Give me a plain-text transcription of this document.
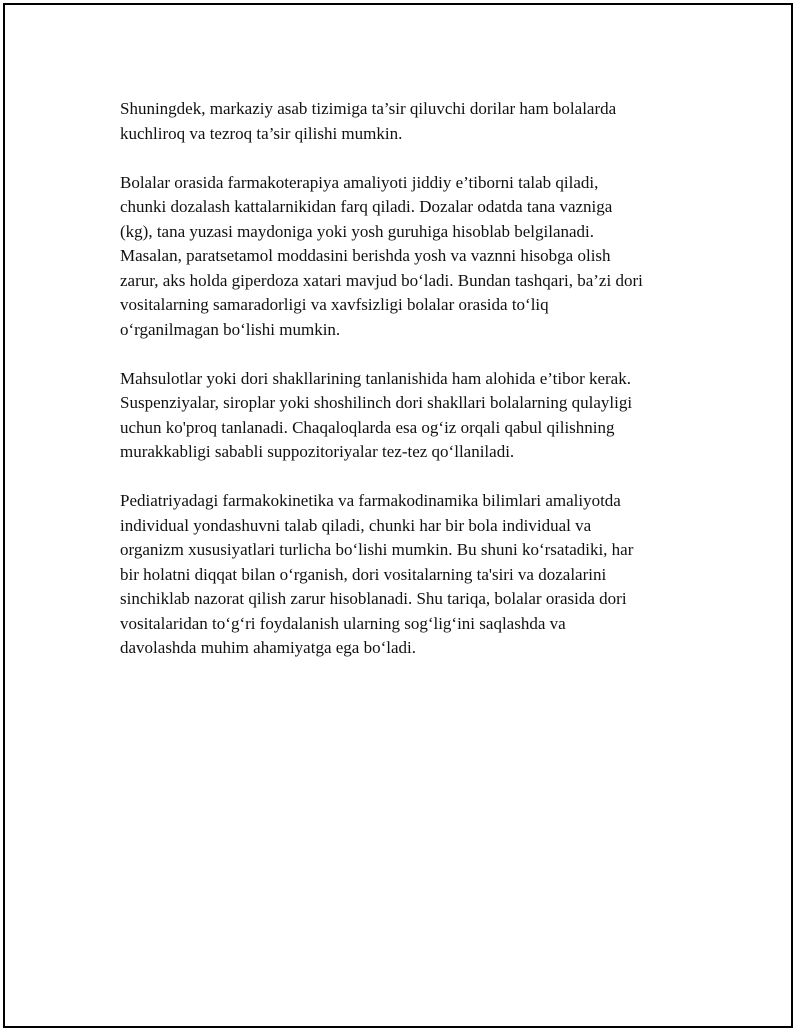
Shuningdek, markaziy asab tizimiga ta’sir qiluvchi dorilar ham bolalarda
kuchliroq va tezroq ta’sir qilishi mumkin.

Bolalar orasida farmakoterapiya amaliyoti jiddiy e’tiborni talab qiladi,
chunki dozalash kattalarnikidan farq qiladi. Dozalar odatda tana vazniga
(kg), tana yuzasi maydoniga yoki yosh guruhiga hisoblab belgilanadi.
Masalan, paratsetamol moddasini berishda yosh va vaznni hisobga olish
zarur, aks holda giperdoza xatari mavjud bo‘ladi. Bundan tashqari, ba’zi dori
vositalarning samaradorligi va xavfsizligi bolalar orasida to‘liq
o‘rganilmagan bo‘lishi mumkin.

Mahsulotlar yoki dori shakllarining tanlanishida ham alohida e’tibor kerak.
Suspenziyalar, siroplar yoki shoshilinch dori shakllari bolalarning qulayligi
uchun ko'proq tanlanadi. Chaqaloqlarda esa og‘iz orqali qabul qilishning
murakkabligi sababli suppozitoriyalar tez-tez qo‘llaniladi.

Pediatriyadagi farmakokinetika va farmakodinamika bilimlari amaliyotda
individual yondashuvni talab qiladi, chunki har bir bola individual va
organizm xususiyatlari turlicha bo‘lishi mumkin. Bu shuni ko‘rsatadiki, har
bir holatni diqqat bilan o‘rganish, dori vositalarning ta'siri va dozalarini
sinchiklab nazorat qilish zarur hisoblanadi. Shu tariqa, bolalar orasida dori
vositalaridan to‘g‘ri foydalanish ularning sog‘lig‘ini saqlashda va
davolashda muhim ahamiyatga ega bo‘ladi.
